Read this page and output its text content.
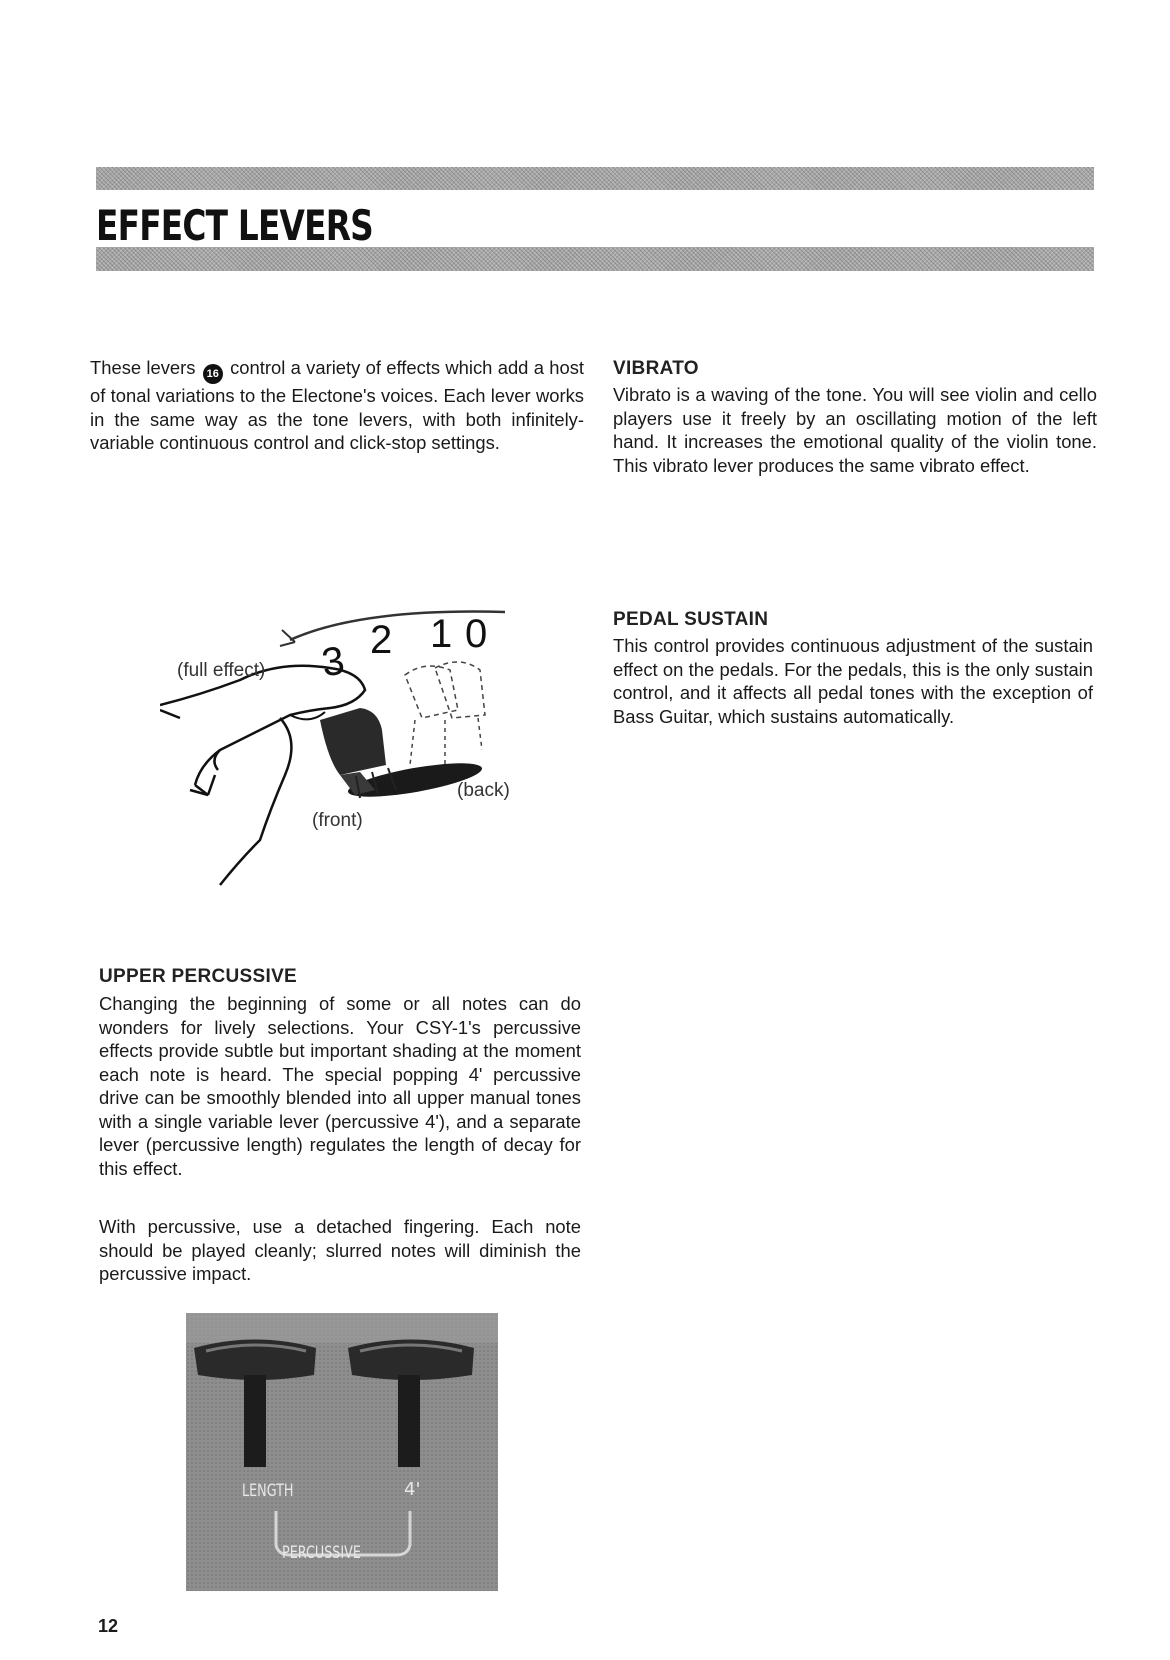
EFFECT LEVERS
These levers 16 control a variety of effects which add a host of tonal variations to the Electone's voices. Each lever works in the same way as the tone levers, with both infinitely-variable continuous control and click-stop settings.
VIBRATO
Vibrato is a waving of the tone. You will see violin and cello players use it freely by an oscillating motion of the left hand. It increases the emotional quality of the violin tone. This vibrato lever produces the same vibrato effect.
3 2 1 0
(full effect)
(back)
(front)
PEDAL SUSTAIN
This control provides continuous adjustment of the sustain effect on the pedals. For the pedals, this is the only sustain control, and it affects all pedal tones with the exception of Bass Guitar, which sustains automatically.
UPPER PERCUSSIVE
Changing the beginning of some or all notes can do wonders for lively selections. Your CSY-1's percussive effects provide subtle but important shading at the moment each note is heard. The special popping 4' percussive drive can be smoothly blended into all upper manual tones with a single variable lever (percussive 4'), and a separate lever (percussive length) regulates the length of decay for this effect.
With percussive, use a detached fingering. Each note should be played cleanly; slurred notes will diminish the percussive impact.
LENGTH	4'
PERCUSSIVE
12
